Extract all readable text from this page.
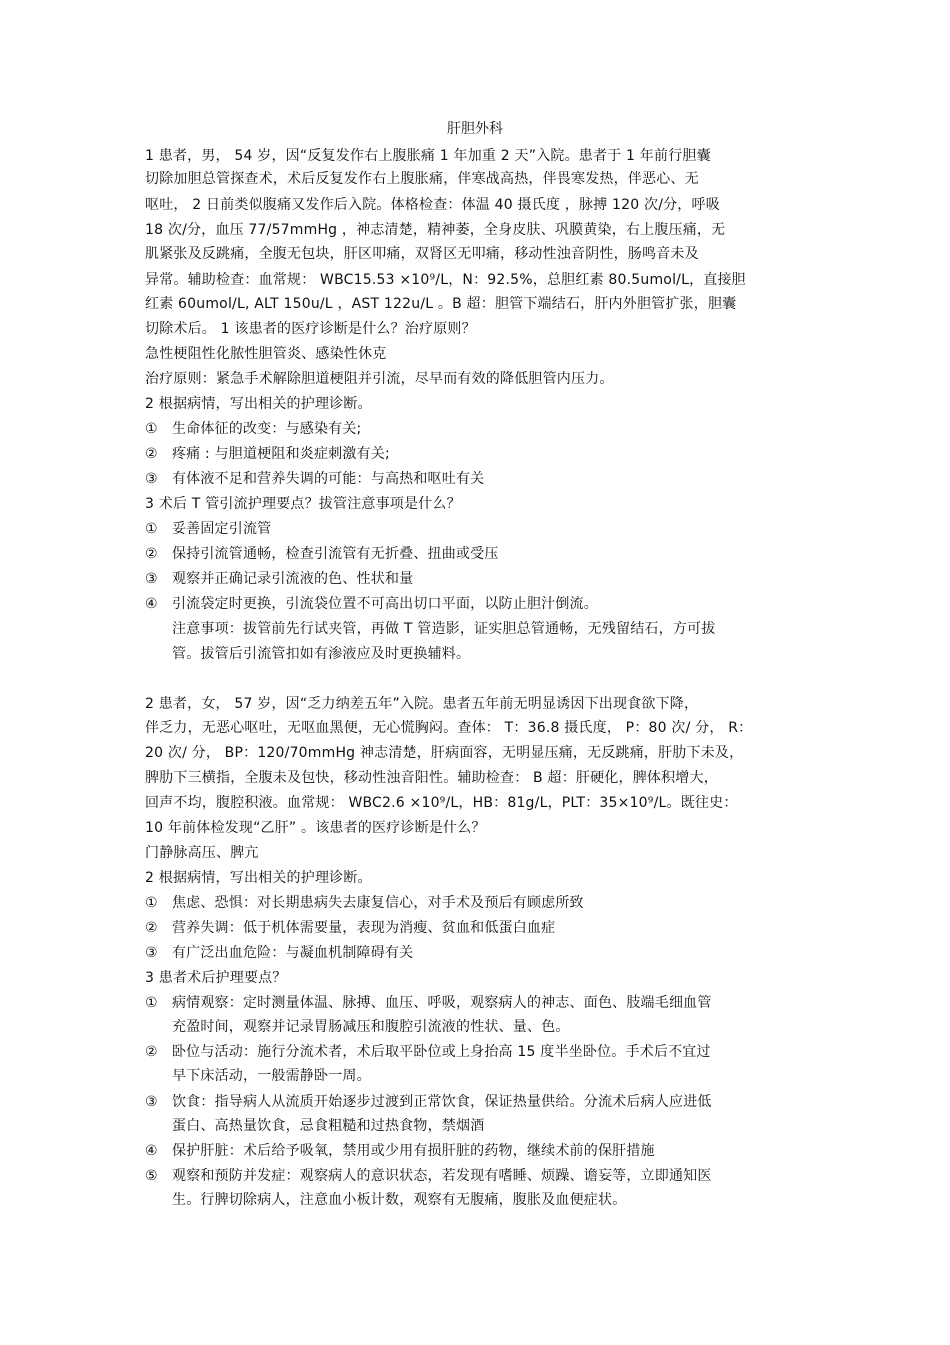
肝胆外科
1 患者，男， 54 岁，因“反复发作右上腹胀痛 1 年加重 2 天”入院。患者于 1 年前行胆囊
切除加胆总管探查术，术后反复发作右上腹胀痛，伴寒战高热，伴畏寒发热，伴恶心、无
呕吐， 2 日前类似腹痛又发作后入院。体格检查：体温 40 摄氏度 ，脉搏 120 次/分，呼吸
18 次/分，血压 77/57mmHg ，神志清楚，精神萎，全身皮肤、巩膜黄染，右上腹压痛，无
肌紧张及反跳痛，全腹无包块，肝区叩痛，双肾区无叩痛，移动性浊音阴性，肠鸣音未及
异常。辅助检查：血常规： WBC15.53 ×10⁹/L，N：92.5%，总胆红素 80.5umol/L，直接胆
红素 60umol/L, ALT 150u/L ，AST 122u/L 。B 超：胆管下端结石，肝内外胆管扩张，胆囊
切除术后。 1 该患者的医疗诊断是什么？治疗原则？
急性梗阻性化脓性胆管炎、感染性休克
治疗原则：紧急手术解除胆道梗阻并引流，尽早而有效的降低胆管内压力。
2 根据病情，写出相关的护理诊断。
①　生命体征的改变：与感染有关;
②　疼痛 : 与胆道梗阻和炎症刺激有关;
③　有体液不足和营养失调的可能：与高热和呕吐有关
3 术后 T 管引流护理要点？拔管注意事项是什么？
①　妥善固定引流管
②　保持引流管通畅，检查引流管有无折叠、扭曲或受压
③　观察并正确记录引流液的色、性状和量
④　引流袋定时更换，引流袋位置不可高出切口平面，以防止胆汁倒流。
注意事项：拔管前先行试夹管，再做 T 管造影，证实胆总管通畅，无残留结石，方可拔
管。拔管后引流管扣如有渗液应及时更换辅料。
2 患者，女， 57 岁，因“乏力纳差五年”入院。患者五年前无明显诱因下出现食欲下降，
伴乏力，无恶心呕吐，无呕血黑便，无心慌胸闷。查体： T：36.8 摄氏度， P：80 次/ 分， R：
20 次/ 分， BP：120/70mmHg 神志清楚，肝病面容，无明显压痛，无反跳痛，肝肋下未及，
脾肋下三横指，全腹未及包快，移动性浊音阳性。辅助检查： B 超：肝硬化，脾体积增大，
回声不均，腹腔积液。血常规： WBC2.6 ×10⁹/L，HB：81g/L，PLT：35×10⁹/L。既往史：
10 年前体检发现“乙肝” 。该患者的医疗诊断是什么？
门静脉高压、脾亢
2 根据病情，写出相关的护理诊断。
①　焦虑、恐惧：对长期患病失去康复信心，对手术及预后有顾虑所致
②　营养失调：低于机体需要量，表现为消瘦、贫血和低蛋白血症
③　有广泛出血危险：与凝血机制障碍有关
3 患者术后护理要点？
①　病情观察：定时测量体温、脉搏、血压、呼吸，观察病人的神志、面色、肢端毛细血管
充盈时间，观察并记录胃肠减压和腹腔引流液的性状、量、色。
②　卧位与活动：施行分流术者，术后取平卧位或上身抬高 15 度半坐卧位。手术后不宜过
早下床活动，一般需静卧一周。
③　饮食：指导病人从流质开始逐步过渡到正常饮食，保证热量供给。分流术后病人应进低
蛋白、高热量饮食，忌食粗糙和过热食物，禁烟酒
④　保护肝脏：术后给予吸氧，禁用或少用有损肝脏的药物，继续术前的保肝措施
⑤　观察和预防并发症：观察病人的意识状态，若发现有嗜睡、烦躁、谵妄等，立即通知医
生。行脾切除病人，注意血小板计数，观察有无腹痛，腹胀及血便症状。
